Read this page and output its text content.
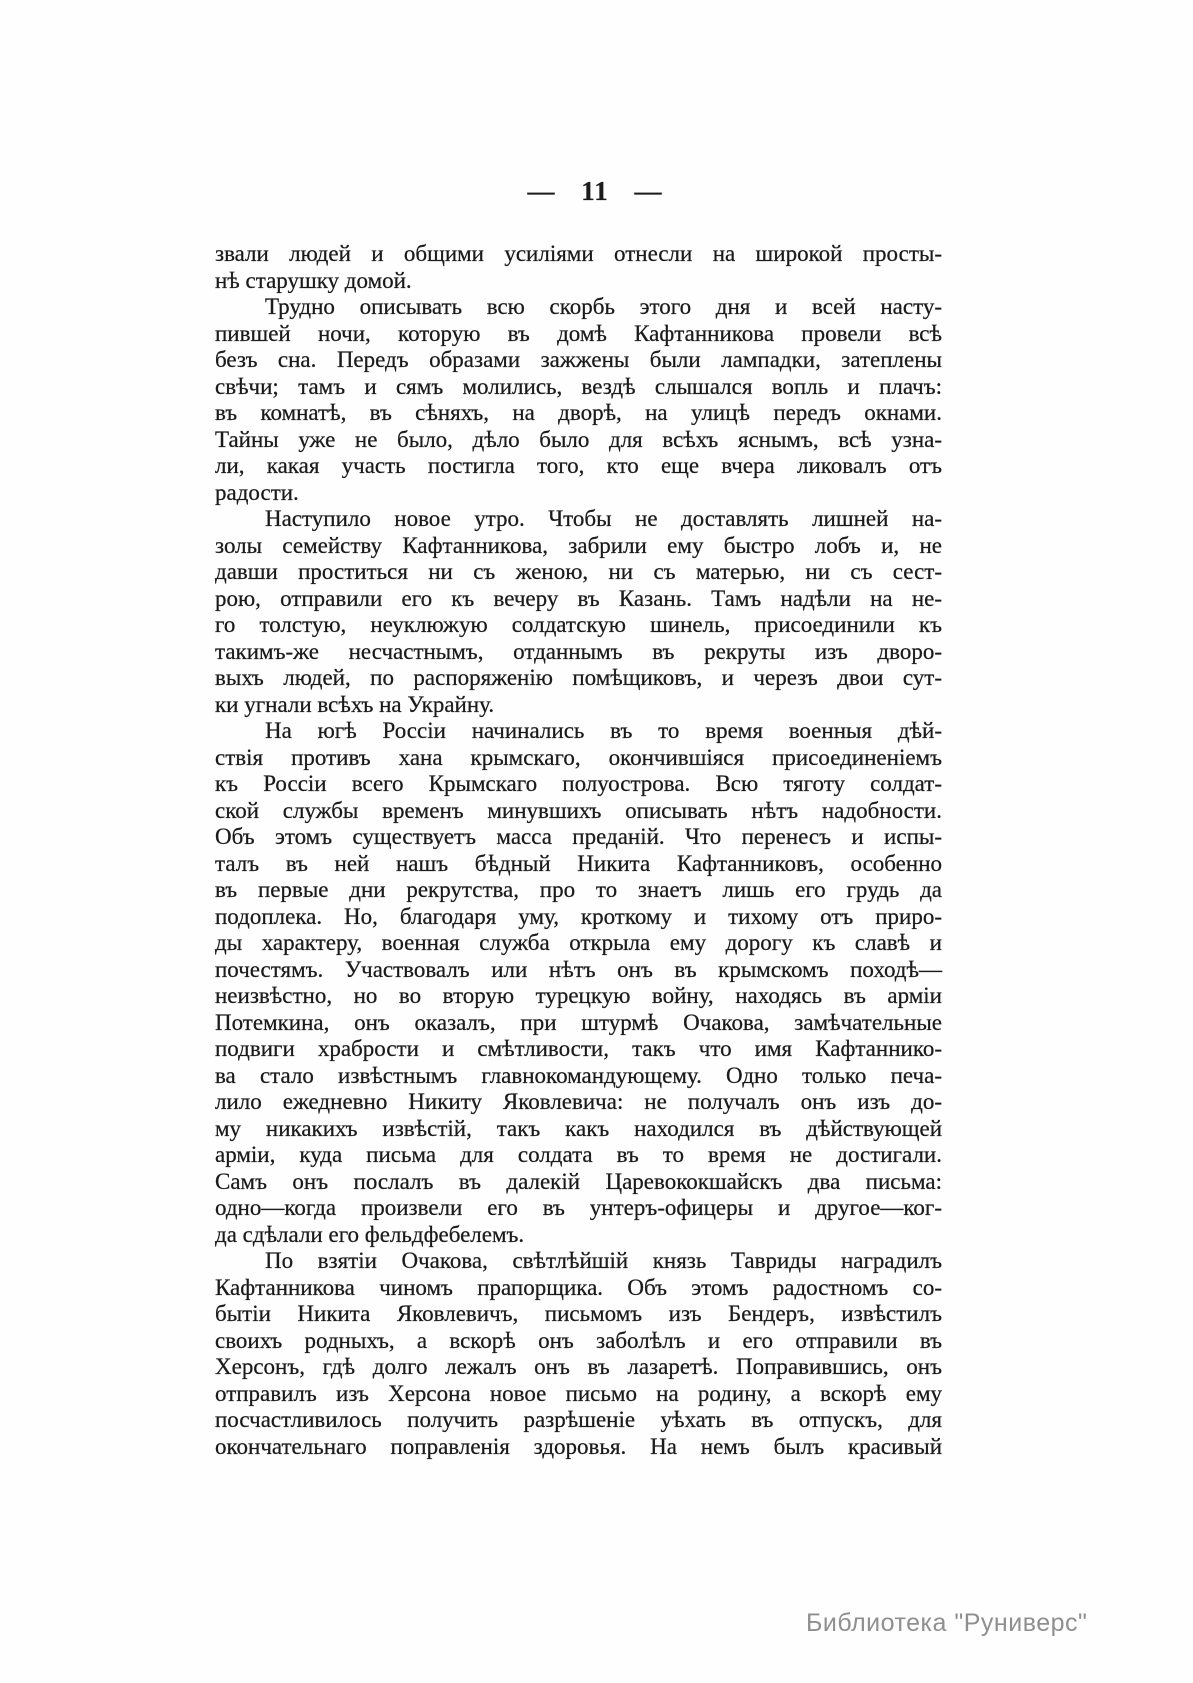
— 11 —
звали людей и общими усиліями отнесли на широкой просты-
нѣ старушку домой.
Трудно описывать всю скорбь этого дня и всей насту-
пившей ночи, которую въ домѣ Кафтанникова провели всѣ
безъ сна. Передъ образами зажжены были лампадки, затеплены
свѣчи; тамъ и сямъ молились, вездѣ слышался вопль и плачъ:
въ комнатѣ, въ сѣняхъ, на дворѣ, на улицѣ передъ окнами.
Тайны уже не было, дѣло было для всѣхъ яснымъ, всѣ узна-
ли, какая участь постигла того, кто еще вчера ликовалъ отъ
радости.
Наступило новое утро. Чтобы не доставлять лишней на-
золы семейству Кафтанникова, забрили ему быстро лобъ и, не
давши проститься ни съ женою, ни съ матерью, ни съ сест-
рою, отправили его къ вечеру въ Казань. Тамъ надѣли на не-
го толстую, неуклюжую солдатскую шинель, присоединили къ
такимъ-же несчастнымъ, отданнымъ въ рекруты изъ дворо-
выхъ людей, по распоряженію помѣщиковъ, и черезъ двои сут-
ки угнали всѣхъ на Украйну.
На югѣ Россіи начинались въ то время военныя дѣй-
ствія противъ хана крымскаго, окончившіяся присоединеніемъ
къ Россіи всего Крымскаго полуострова. Всю тяготу солдат-
ской службы временъ минувшихъ описывать нѣтъ надобности.
Объ этомъ существуетъ масса преданій. Что перенесъ и испы-
талъ въ ней нашъ бѣдный Никита Кафтанниковъ, особенно
въ первые дни рекрутства, про то знаетъ лишь его грудь да
подоплека. Но, благодаря уму, кроткому и тихому отъ приро-
ды характеру, военная служба открыла ему дорогу къ славѣ и
почестямъ. Участвовалъ или нѣтъ онъ въ крымскомъ походѣ—
неизвѣстно, но во вторую турецкую войну, находясь въ арміи
Потемкина, онъ оказалъ, при штурмѣ Очакова, замѣчательные
подвиги храбрости и смѣтливости, такъ что имя Кафтаннико-
ва стало извѣстнымъ главнокомандующему. Одно только печа-
лило ежедневно Никиту Яковлевича: не получалъ онъ изъ до-
му никакихъ извѣстій, такъ какъ находился въ дѣйствующей
арміи, куда письма для солдата въ то время не достигали.
Самъ онъ послалъ въ далекій Царевококшайскъ два письма:
одно—когда произвели его въ унтеръ-офицеры и другое—ког-
да сдѣлали его фельдфебелемъ.
По взятіи Очакова, свѣтлѣйшій князь Тавриды наградилъ
Кафтанникова чиномъ прапорщика. Объ этомъ радостномъ со-
бытіи Никита Яковлевичъ, письмомъ изъ Бендеръ, извѣстилъ
своихъ родныхъ, а вскорѣ онъ заболѣлъ и его отправили въ
Херсонъ, гдѣ долго лежалъ онъ въ лазаретѣ. Поправившись, онъ
отправилъ изъ Херсона новое письмо на родину, а вскорѣ ему
посчастливилось получить разрѣшеніе уѣхать въ отпускъ, для
окончательнаго поправленія здоровья. На немъ былъ красивый
Библиотека "Руниверс"
